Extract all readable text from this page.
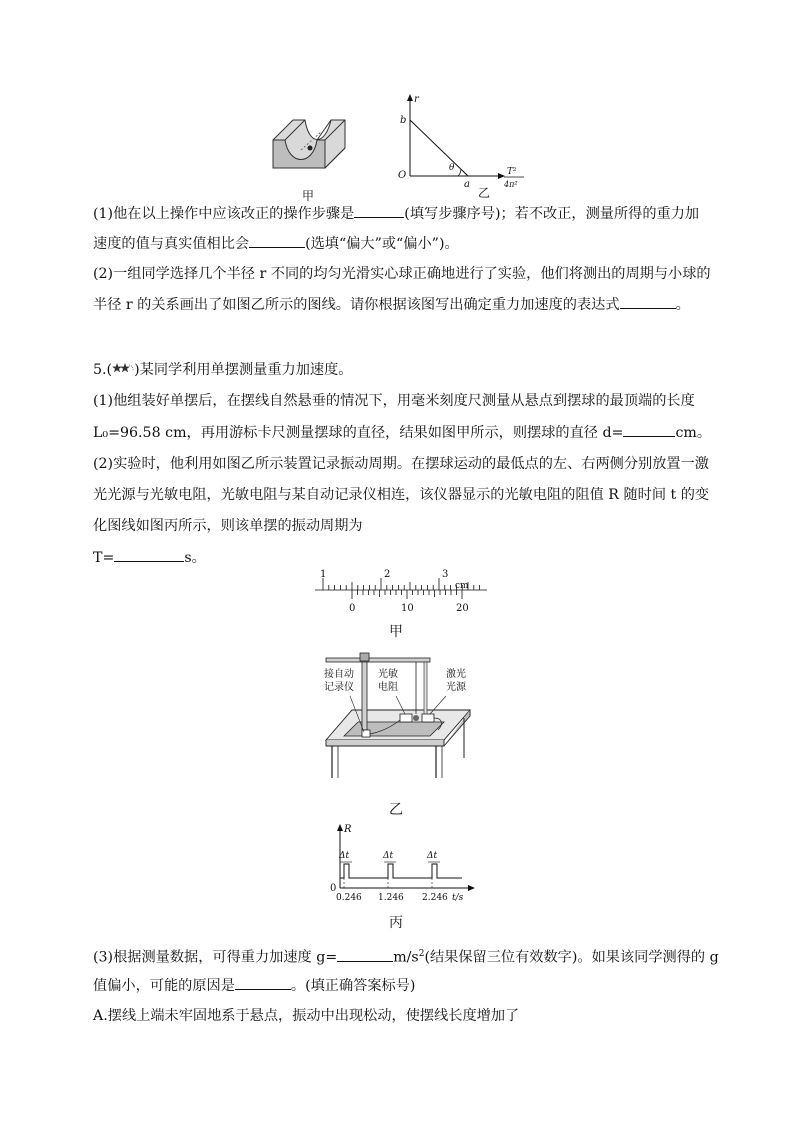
甲
r
b
O
a
θ	T²
4π²
乙
(1)他在以上操作中应该改正的操作步骤是	(填写步骤序号)；若不改正，测量所得的重力加
速度的值与真实值相比会	(选填“偏大”或“偏小”)。
(2)一组同学选择几个半径 r 不同的均匀光滑实心球正确地进行了实验，他们将测出的周期与小球的
半径 r 的关系画出了如图乙所示的图线。请你根据该图写出确定重力加速度的表达式	。
5.( )某同学利用单摆测量重力加速度。
(1)他组装好单摆后，在摆线自然悬垂的情况下，用毫米刻度尺测量从悬点到摆球的最顶端的长度
L₀=96.58 cm，再用游标卡尺测量摆球的直径，结果如图甲所示，则摆球的直径 d=	cm。
(2)实验时，他利用如图乙所示装置记录振动周期。在摆球运动的最低点的左、右两侧分别放置一激
光光源与光敏电阻，光敏电阻与某自动记录仪相连，该仪器显示的光敏电阻的阻值 R 随时间 t 的变
化图线如图丙所示，则该单摆的振动周期为
T=	s。
1	2	3
cm
0	10	20
甲
接自动
记录仪
光敏
电阻
激光
光源
乙
R
0
Δt	Δt	Δt
0.246 1.246 2.246 t/s
丙
(3)根据测量数据，可得重力加速度 g=	$m/s^2$(结果保留三位有效数字)。如果该同学测得的 g
值偏小，可能的原因是	。(填正确答案标号)
A.摆线上端未牢固地系于悬点，振动中出现松动，使摆线长度增加了
